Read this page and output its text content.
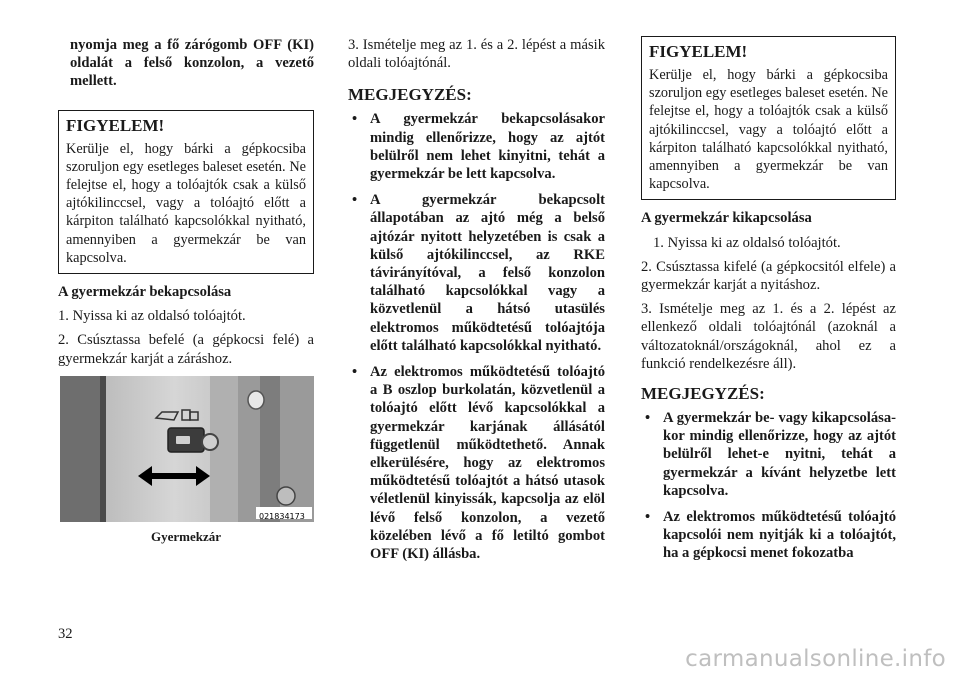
nyomja meg a fő zárógomb OFF (KI) oldalát a felső konzolon, a vezető mellett.

FIGYELEM!
Kerülje el, hogy bárki a gépkocsiba szoruljon egy esetleges baleset esetén. Ne felejtse el, hogy a tolóajtók csak a külső ajtókilinccsel, vagy a tolóajtó előtt a kárpiton található kapcsolókkal nyitható, amennyiben a gyermekzár be van kapcsolva.
A gyermekzár bekapcsolása

1. Nyissa ki az oldalsó tolóajtót.

2. Csúsztassa befelé (a gépkocsi felé) a gyermekzár karját a záráshoz.

021834173
Gyermekzár

3. Ismételje meg az 1. és a 2. lépést a másik oldali tolóajtónál.

MEGJEGYZÉS:
• A gyermekzár bekapcsolásakor mindig ellenőrizze, hogy az ajtót belülről nem lehet kinyitni, tehát a gyermekzár be lett kapcsolva.
• A gyermekzár bekapcsolt állapotában az ajtó még a belső ajtózár nyitott helyzetében is csak a külső ajtókilinccsel, az RKE távirányítóval, a felső konzolon található kapcsolókkal vagy a közvetlenül a hátsó utasülés elektromos működtetésű tolóajtója előtt található kapcsolókkal nyitható.
• Az elektromos működtetésű tolóajtó a B oszlop burkolatán, közvetlenül a tolóajtó előtt lévő kapcsolókkal a gyermekzár karjának állásától függetlenül működtethető. Annak elkerülésére, hogy az elektromos működtetésű tolóajtót a hátsó utasok véletlenül kinyissák, kapcsolja az elöl lévő felső konzolon, a vezető közelében lévő a fő letiltó gombot OFF (KI) állásba.
FIGYELEM!
Kerülje el, hogy bárki a gépkocsiba szoruljon egy esetleges baleset esetén. Ne felejtse el, hogy a tolóajtók csak a külső ajtókilinccsel, vagy a tolóajtó előtt a kárpiton található kapcsolókkal nyitható, amennyiben a gyermekzár be van kapcsolva.
A gyermekzár kikapcsolása

1. Nyissa ki az oldalsó tolóajtót.

2. Csúsztassa kifelé (a gépkocsitól elfele) a gyermekzár karját a nyitáshoz.

3. Ismételje meg az 1. és a 2. lépést az ellenkező oldali tolóajtónál (azoknál a változatoknál/országoknál, ahol ez a funkció rendelkezésre áll).

MEGJEGYZÉS:
• A gyermekzár be- vagy kikapcsolása-kor mindig ellenőrizze, hogy az ajtót belülről lehet-e nyitni, tehát a gyermekzár a kívánt helyzetbe lett kapcsolva.
• Az elektromos működtetésű tolóajtó kapcsolói nem nyitják ki a tolóajtót, ha a gépkocsi menet fokozatba
32
carmanualsonline.info
